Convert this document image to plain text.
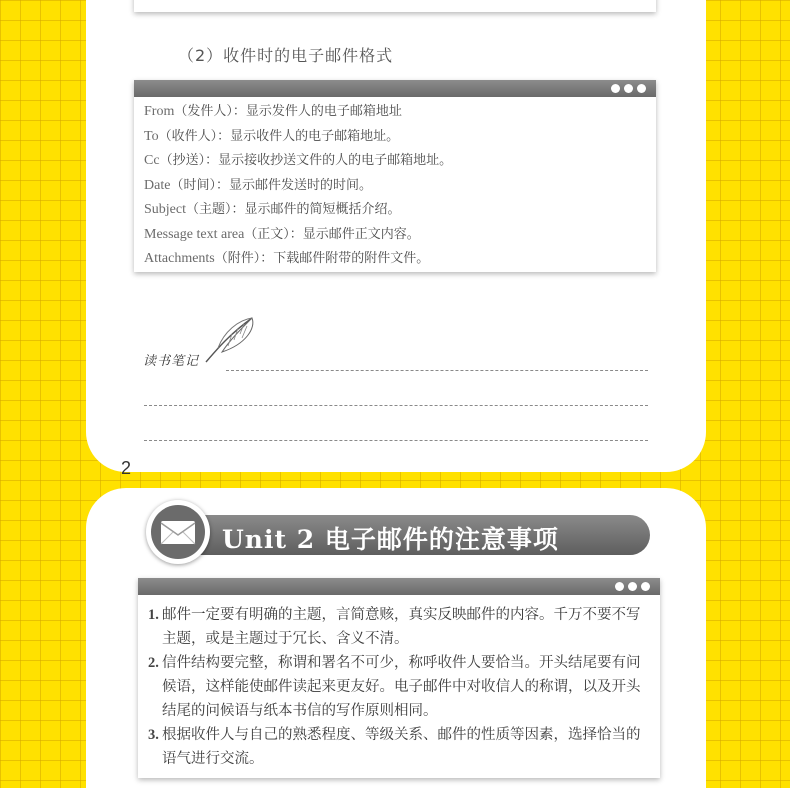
（2）收件时的电子邮件格式
From（发件人）：显示发件人的电子邮箱地址
To（收件人）：显示收件人的电子邮箱地址。
Cc（抄送）：显示接收抄送文件的人的电子邮箱地址。
Date（时间）：显示邮件发送时的时间。
Subject（主题）：显示邮件的简短概括介绍。
Message text area（正文）：显示邮件正文内容。
Attachments（附件）：下载邮件附带的附件文件。
读书笔记
2
Unit 2 电子邮件的注意事项
1. 邮件一定要有明确的主题，言简意赅，真实反映邮件的内容。千万不要不写主题，或是主题过于冗长、含义不清。
2. 信件结构要完整，称谓和署名不可少，称呼收件人要恰当。开头结尾要有问候语，这样能使邮件读起来更友好。电子邮件中对收信人的称谓，以及开头结尾的问候语与纸本书信的写作原则相同。
3. 根据收件人与自己的熟悉程度、等级关系、邮件的性质等因素，选择恰当的语气进行交流。
